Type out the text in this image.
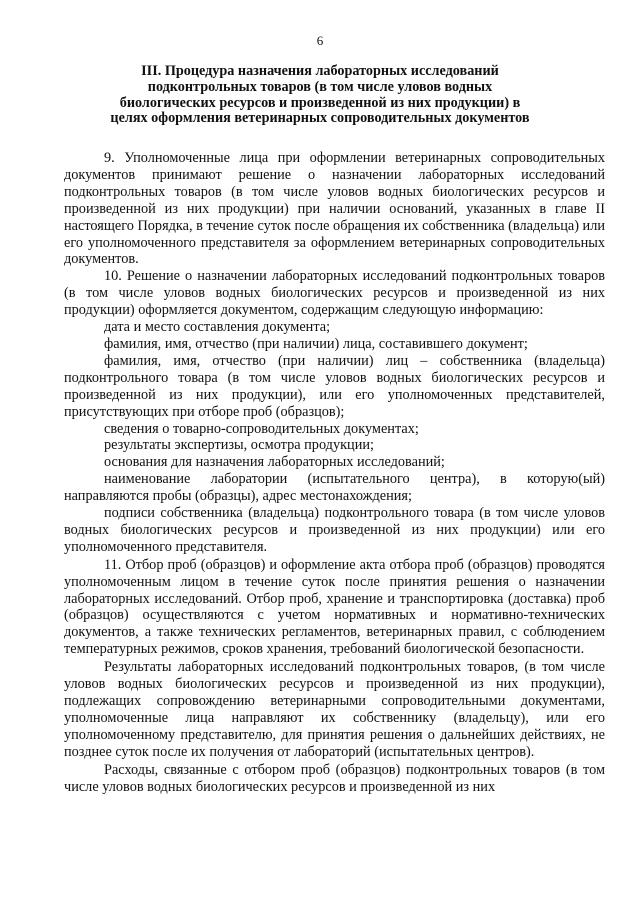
6
III. Процедура назначения лабораторных исследований подконтрольных товаров (в том числе уловов водных биологических ресурсов и произведенной из них продукции) в целях оформления ветеринарных сопроводительных документов

9. Уполномоченные лица при оформлении ветеринарных сопроводительных документов принимают решение о назначении лабораторных исследований подконтрольных товаров (в том числе уловов водных биологических ресурсов и произведенной из них продукции) при наличии оснований, указанных в главе II настоящего Порядка, в течение суток после обращения их собственника (владельца) или его уполномоченного представителя за оформлением ветеринарных сопроводительных документов.

10. Решение о назначении лабораторных исследований подконтрольных товаров (в том числе уловов водных биологических ресурсов и произведенной из них продукции) оформляется документом, содержащим следующую информацию:

дата и место составления документа;

фамилия, имя, отчество (при наличии) лица, составившего документ;

фамилия, имя, отчество (при наличии) лиц – собственника (владельца) подконтрольного товара (в том числе уловов водных биологических ресурсов и произведенной из них продукции), или его уполномоченных представителей, присутствующих при отборе проб (образцов);

сведения о товарно-сопроводительных документах;

результаты экспертизы, осмотра продукции;

основания для назначения лабораторных исследований;

наименование лаборатории (испытательного центра), в которую(ый) направляются пробы (образцы), адрес местонахождения;

подписи собственника (владельца) подконтрольного товара (в том числе уловов водных биологических ресурсов и произведенной из них продукции) или его уполномоченного представителя.

11. Отбор проб (образцов) и оформление акта отбора проб (образцов) проводятся уполномоченным лицом в течение суток после принятия решения о назначении лабораторных исследований. Отбор проб, хранение и транспортировка (доставка) проб (образцов) осуществляются с учетом нормативных и нормативно-технических документов, а также технических регламентов, ветеринарных правил, с соблюдением температурных режимов, сроков хранения, требований биологической безопасности.

Результаты лабораторных исследований подконтрольных товаров, (в том числе уловов водных биологических ресурсов и произведенной из них продукции), подлежащих сопровождению ветеринарными сопроводительными документами, уполномоченные лица направляют их собственнику (владельцу), или его уполномоченному представителю, для принятия решения о дальнейших действиях, не позднее суток после их получения от лабораторий (испытательных центров).

Расходы, связанные с отбором проб (образцов) подконтрольных товаров (в том числе уловов водных биологических ресурсов и произведенной из них
